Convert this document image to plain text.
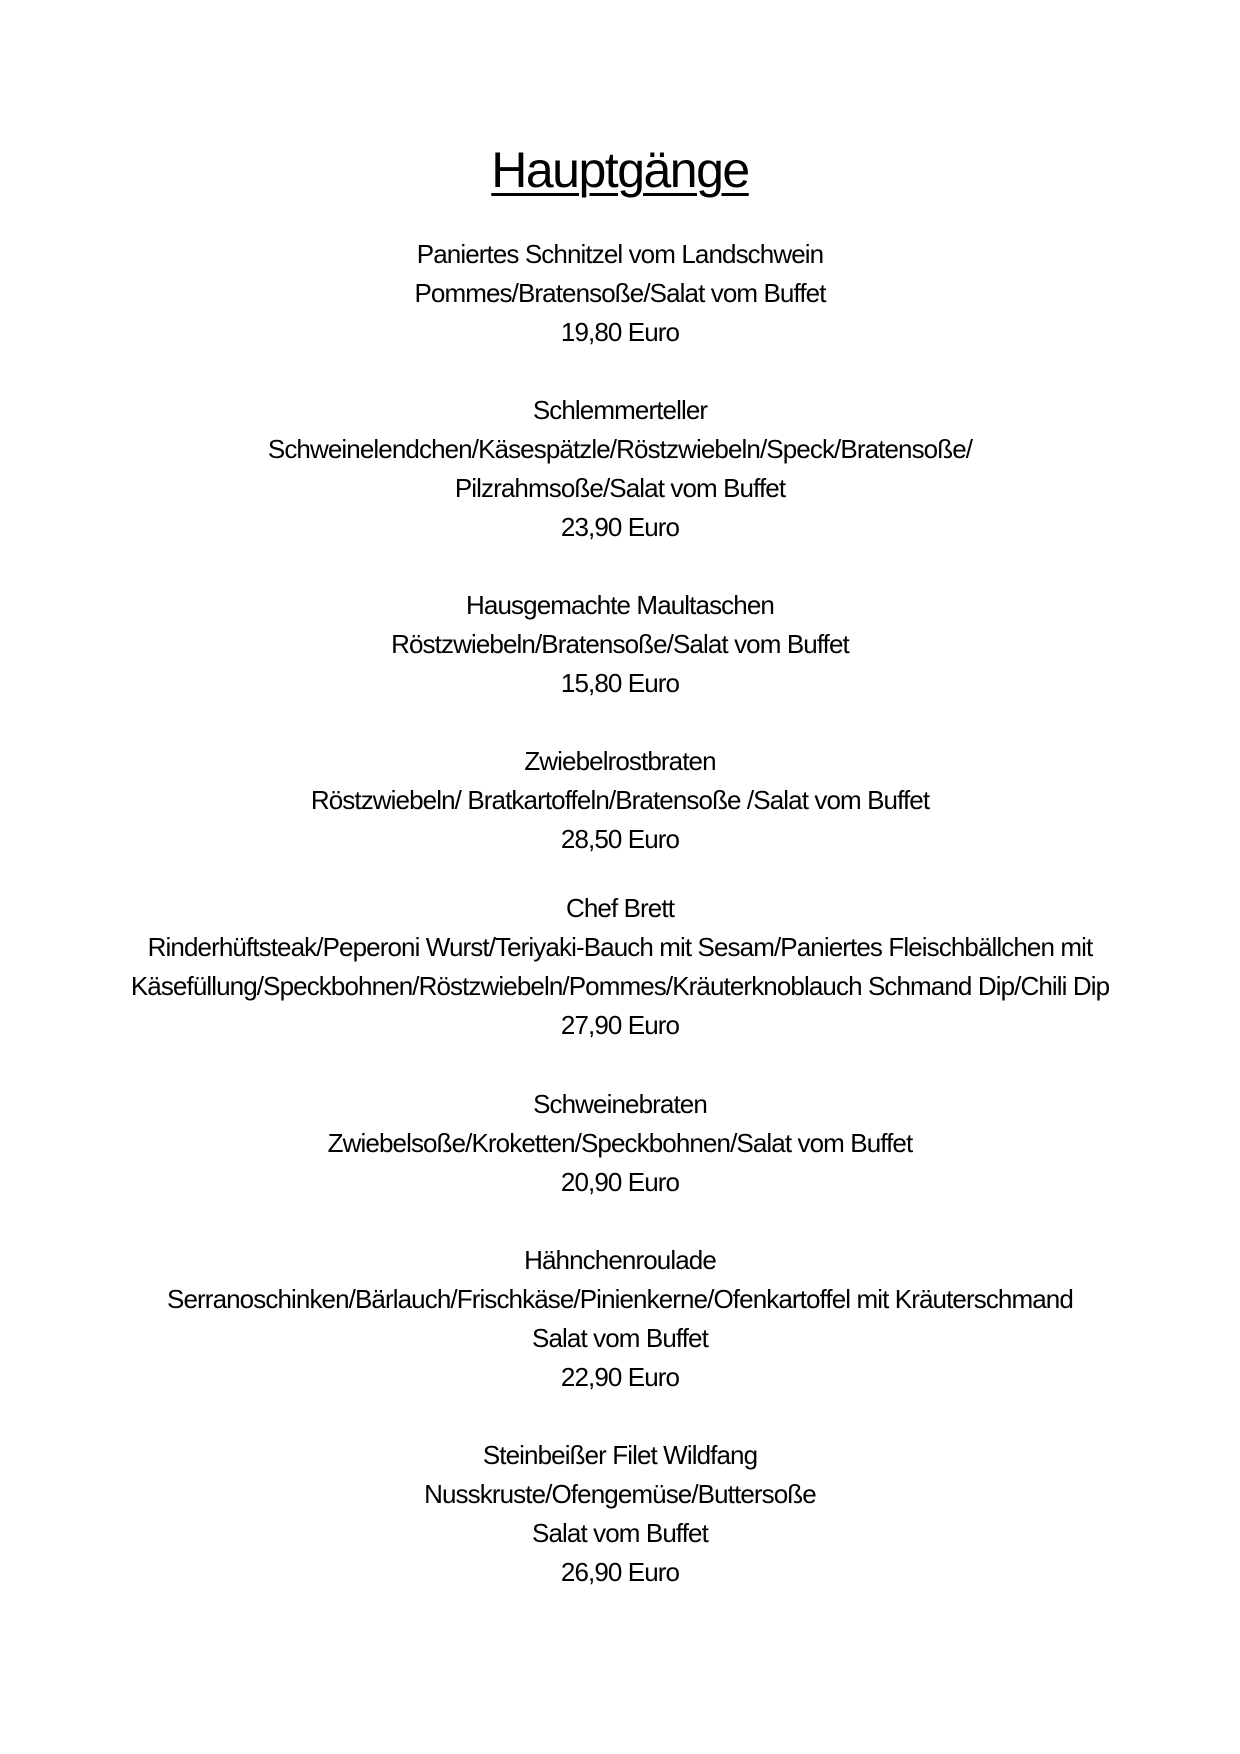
Hauptgänge
Paniertes Schnitzel vom Landschwein
Pommes/Bratensoße/Salat vom Buffet
19,80 Euro
Schlemmerteller
Schweinelendchen/Käsespätzle/Röstzwiebeln/Speck/Bratensoße/
Pilzrahmsoße/Salat vom Buffet
23,90 Euro
Hausgemachte Maultaschen
Röstzwiebeln/Bratensoße/Salat vom Buffet
15,80 Euro
Zwiebelrostbraten
Röstzwiebeln/ Bratkartoffeln/Bratensoße /Salat vom Buffet
28,50 Euro
Chef Brett
Rinderhüftsteak/Peperoni Wurst/Teriyaki-Bauch mit Sesam/Paniertes Fleischbällchen mit
Käsefüllung/Speckbohnen/Röstzwiebeln/Pommes/Kräuterknoblauch Schmand Dip/Chili Dip
27,90 Euro
Schweinebraten
Zwiebelsoße/Kroketten/Speckbohnen/Salat vom Buffet
20,90 Euro
Hähnchenroulade
Serranoschinken/Bärlauch/Frischkäse/Pinienkerne/Ofenkartoffel mit Kräuterschmand
Salat vom Buffet
22,90 Euro
Steinbeißer Filet Wildfang
Nusskruste/Ofengemüse/Buttersoße
Salat vom Buffet
26,90 Euro
